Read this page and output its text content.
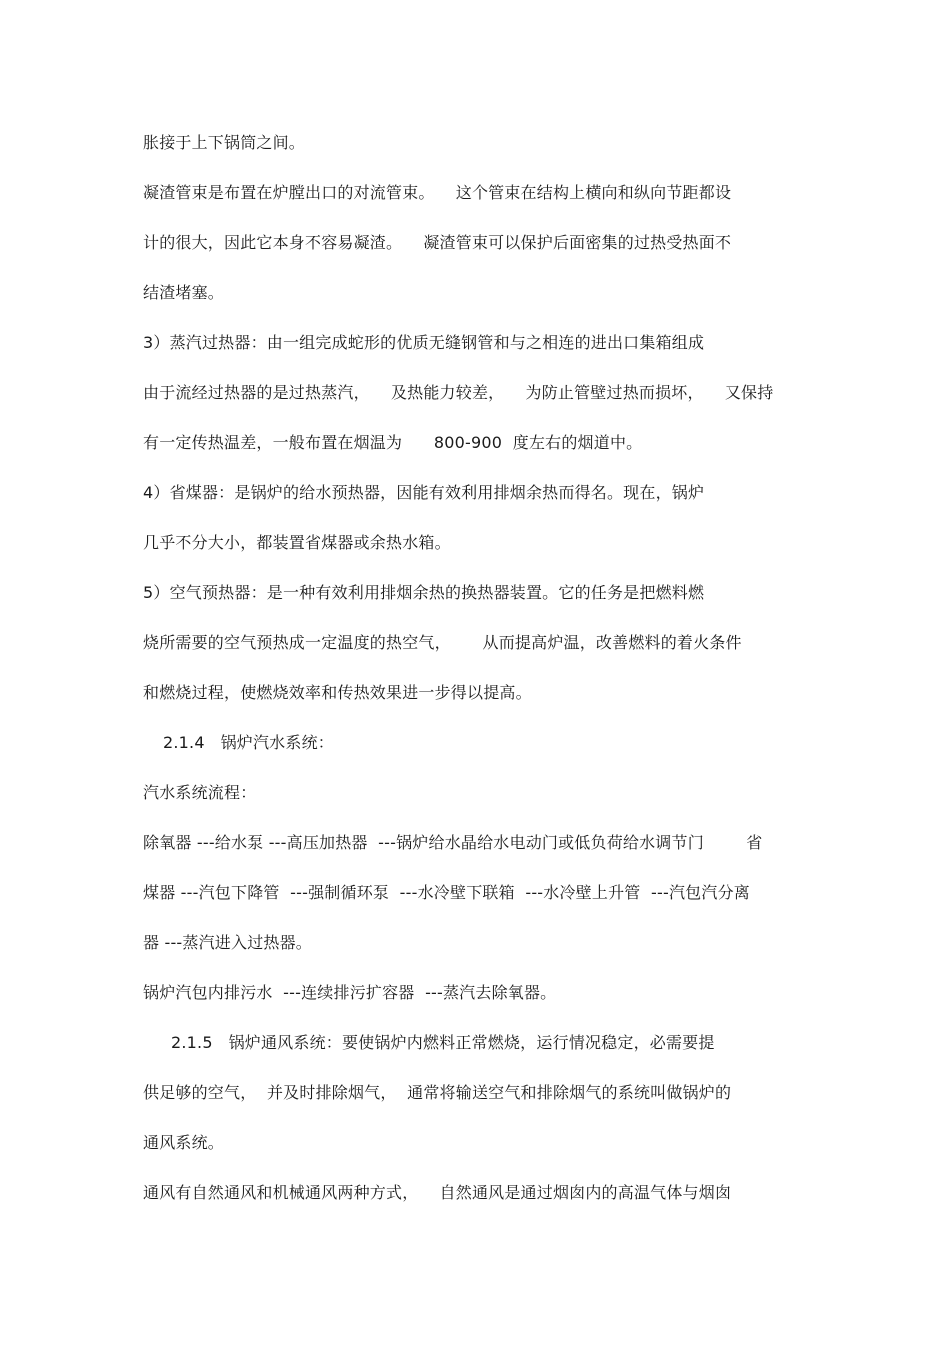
胀接于上下锅筒之间。
凝渣管束是布置在炉膛出口的对流管束。    这个管束在结构上横向和纵向节距都设
计的很大，因此它本身不容易凝渣。    凝渣管束可以保护后面密集的过热受热面不
结渣堵塞。
3）蒸汽过热器：由一组完成蛇形的优质无缝钢管和与之相连的进出口集箱组成
由于流经过热器的是过热蒸汽，    及热能力较差，    为防止管壁过热而损坏，    又保持
有一定传热温差，一般布置在烟温为      800-900  度左右的烟道中。
4）省煤器：是锅炉的给水预热器，因能有效利用排烟余热而得名。现在，锅炉
几乎不分大小，都装置省煤器或余热水箱。
5）空气预热器：是一种有效利用排烟余热的换热器装置。它的任务是把燃料燃
烧所需要的空气预热成一定温度的热空气，      从而提高炉温，改善燃料的着火条件
和燃烧过程，使燃烧效率和传热效果进一步得以提高。
2.1.4   锅炉汽水系统：
汽水系统流程：
除氧器 ---给水泵 ---高压加热器  ---锅炉给水晶给水电动门或低负荷给水调节门        省
煤器 ---汽包下降管  ---强制循环泵  ---水冷壁下联箱  ---水冷壁上升管  ---汽包汽分离
器 ---蒸汽进入过热器。
锅炉汽包内排污水  ---连续排污扩容器  ---蒸汽去除氧器。
2.1.5   锅炉通风系统：要使锅炉内燃料正常燃烧，运行情况稳定，必需要提
供足够的空气，  并及时排除烟气，  通常将输送空气和排除烟气的系统叫做锅炉的
通风系统。
通风有自然通风和机械通风两种方式，    自然通风是通过烟囱内的高温气体与烟囱
